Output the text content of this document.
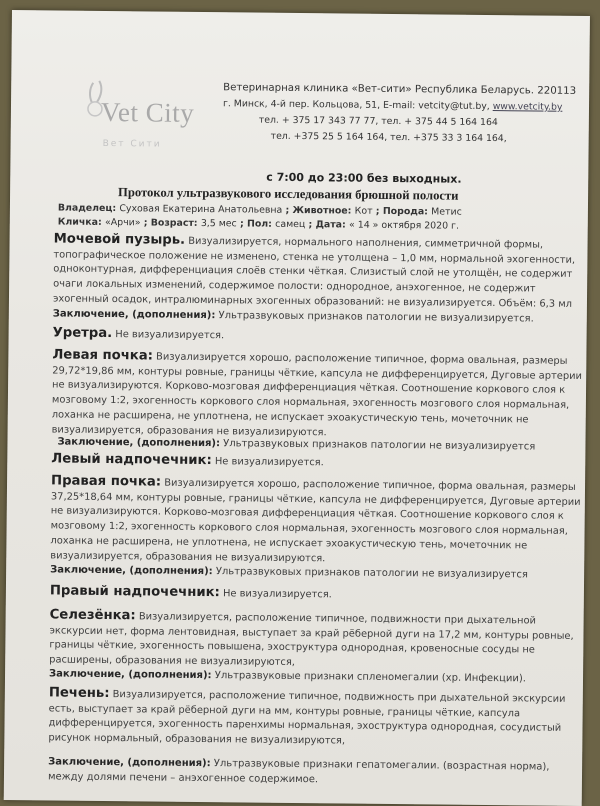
Vet City
Вет Сити
Ветеринарная клиника «Вет-сити» Республика Беларусь. 220113
г. Минск, 4-й пер. Кольцова, 51, E-mail: vetcity@tut.by, www.vetcity.by
тел. + 375 17 343 77 77, тел. + 375 44 5 164 164
тел. +375 25 5 164 164, тел. +375 33 3 164 164,
с 7:00 до 23:00 без выходных.
Протокол ультразвукового исследования брюшной полости
Владелец: Суховая Екатерина Анатольевна ; Животное: Кот ; Порода: Метис
Кличка: «Арчи» ; Возраст: 3,5 мес ; Пол: самец ; Дата: « 14 » октября 2020 г.
Мочевой пузырь. Визуализируется, нормального наполнения, симметричной формы, топографическое положение не изменено, стенка не утолщена – 1,0 мм, нормальной эхогенности, одноконтурная, дифференциация слоёв стенки чёткая. Слизистый слой не утолщён, не содержит очаги локальных изменений, содержимое полости: однородное, анэхогенное, не содержит эхогенный осадок, интралюминарных эхогенных образований: не визуализируется. Объём: 6,3 мл
Заключение, (дополнения): Ультразвуковых признаков патологии не визуализируется.
Уретра. Не визуализируется.
Левая почка: Визуализируется хорошо, расположение типичное, форма овальная, размеры 29,72*19,86 мм, контуры ровные, границы чёткие, капсула не дифференцируется, Дуговые артерии не визуализируются. Корково-мозговая дифференциация чёткая. Соотношение коркового слоя к мозговому 1:2, эхогенность коркового слоя нормальная, эхогенность мозгового слоя нормальная, лоханка не расширена, не уплотнена, не испускает эхоакустическую тень, мочеточник не визуализируется, образования не визуализируются.
Заключение, (дополнения): Ультразвуковых признаков патологии не визуализируется
Левый надпочечник: Не визуализируется.
Правая почка: Визуализируется хорошо, расположение типичное, форма овальная, размеры 37,25*18,64 мм, контуры ровные, границы чёткие, капсула не дифференцируется, Дуговые артерии не визуализируются. Корково-мозговая дифференциация чёткая. Соотношение коркового слоя к мозговому 1:2, эхогенность коркового слоя нормальная, эхогенность мозгового слоя нормальная, лоханка не расширена, не уплотнена, не испускает эхоакустическую тень, мочеточник не визуализируется, образования не визуализируются.
Заключение, (дополнения): Ультразвуковых признаков патологии не визуализируется
Правый надпочечник: Не визуализируется.
Селезёнка: Визуализируется, расположение типичное, подвижности при дыхательной экскурсии нет, форма лентовидная, выступает за край рёберной дуги на 17,2 мм, контуры ровные, границы чёткие, эхогенность повышена, эхоструктура однородная, кровеносные сосуды не расширены, образования не визуализируются,
Заключение, (дополнения): Ультразвуковые признаки спленомегалии (хр. Инфекции).
Печень: Визуализируется, расположение типичное, подвижность при дыхательной экскурсии есть, выступает за край рёберной дуги на мм, контуры ровные, границы чёткие, капсула дифференцируется, эхогенность паренхимы нормальная, эхоструктура однородная, сосудистый рисунок нормальный, образования не визуализируются,
Заключение, (дополнения): Ультразвуковые признаки гепатомегалии. (возрастная норма), между долями печени – анэхогенное содержимое.
